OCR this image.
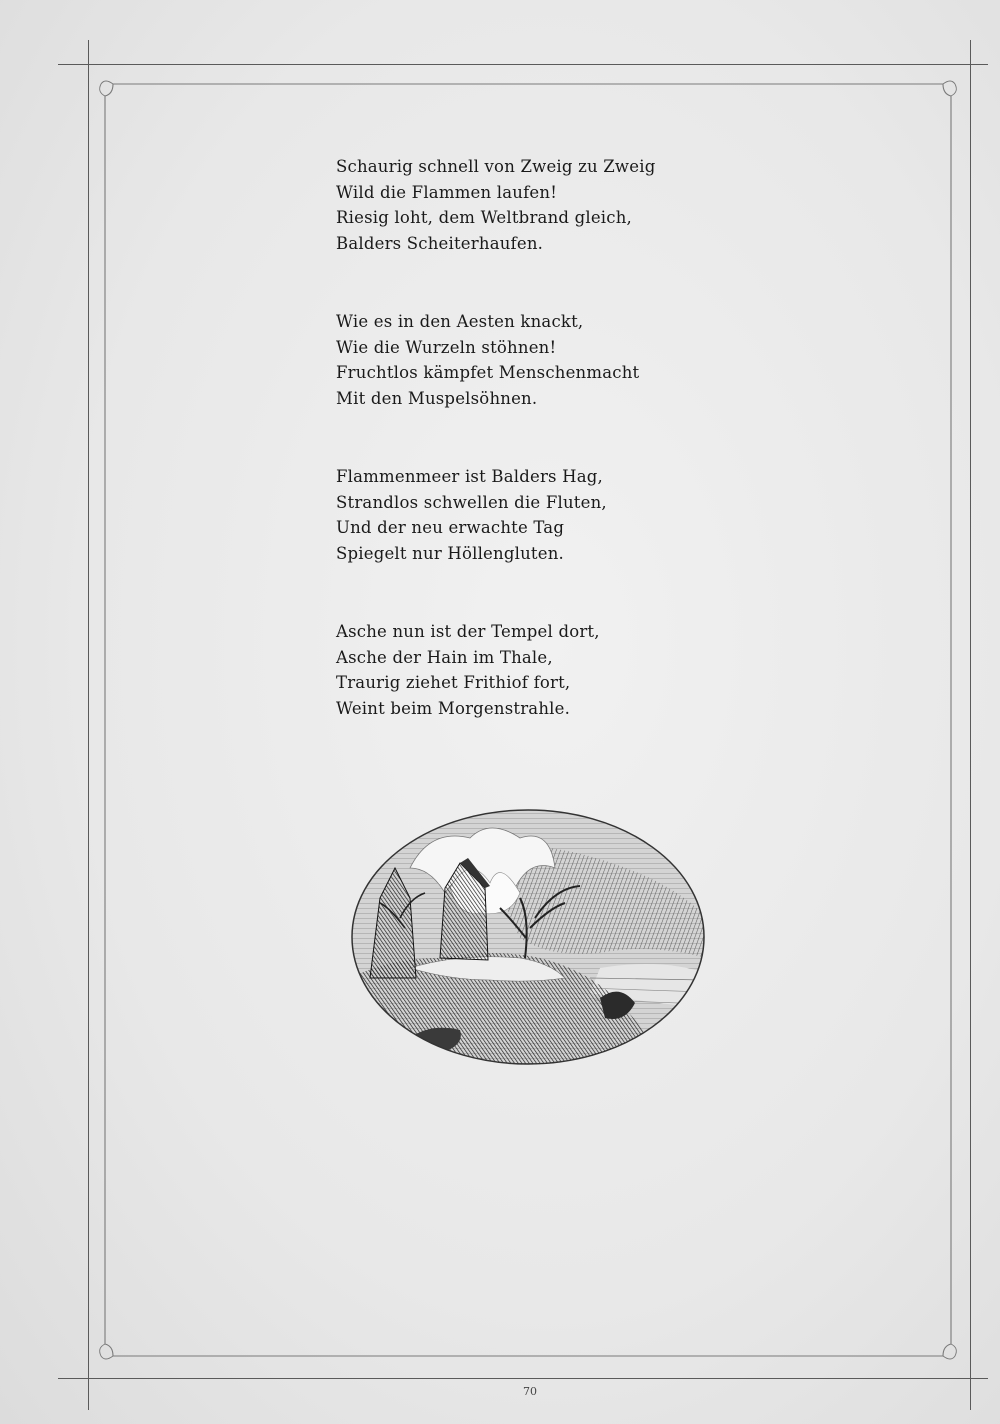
Schaurig schnell von Zweig zu Zweig
Wild die Flammen laufen!
Riesig loht, dem Weltbrand gleich,
Balders Scheiterhaufen.
Wie es in den Aesten knackt,
Wie die Wurzeln stöhnen!
Fruchtlos kämpfet Menschenmacht
Mit den Muspelsöhnen.
Flammenmeer ist Balders Hag,
Strandlos schwellen die Fluten,
Und der neu erwachte Tag
Spiegelt nur Höllengluten.
Asche nun ist der Tempel dort,
Asche der Hain im Thale,
Traurig ziehet Frithiof fort,
Weint beim Morgenstrahle.
70
